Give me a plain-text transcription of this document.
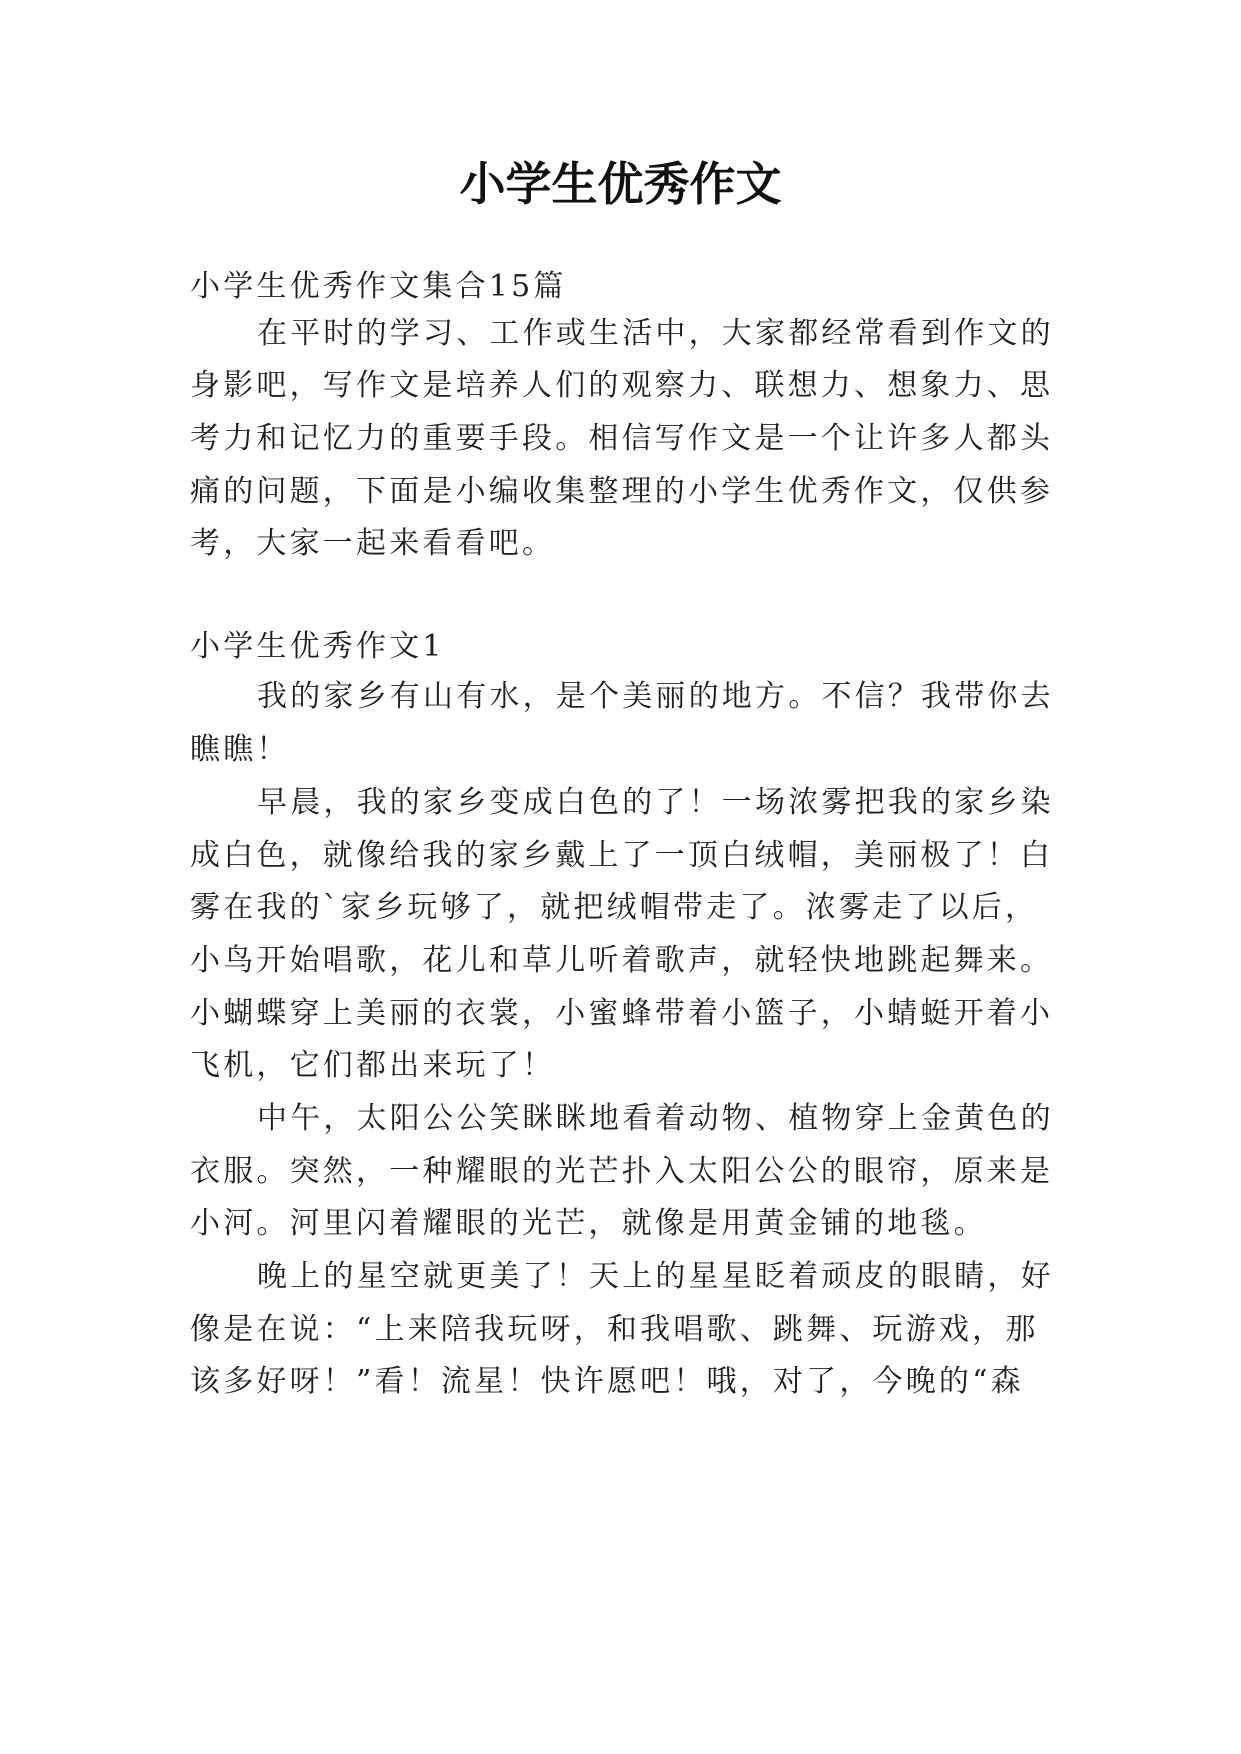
小学生优秀作文

小学生优秀作文集合15篇

在平时的学习、工作或生活中，大家都经常看到作文的

身影吧，写作文是培养人们的观察力、联想力、想象力、思

考力和记忆力的重要手段。相信写作文是一个让许多人都头

痛的问题，下面是小编收集整理的小学生优秀作文，仅供参

考，大家一起来看看吧。

小学生优秀作文1

我的家乡有山有水，是个美丽的地方。不信？我带你去

瞧瞧！

早晨，我的家乡变成白色的了！一场浓雾把我的家乡染

成白色，就像给我的家乡戴上了一顶白绒帽，美丽极了！白

雾在我的`家乡玩够了，就把绒帽带走了。浓雾走了以后，

小鸟开始唱歌，花儿和草儿听着歌声，就轻快地跳起舞来。

小蝴蝶穿上美丽的衣裳，小蜜蜂带着小篮子，小蜻蜓开着小

飞机，它们都出来玩了！

中午，太阳公公笑眯眯地看着动物、植物穿上金黄色的

衣服。突然，一种耀眼的光芒扑入太阳公公的眼帘，原来是

小河。河里闪着耀眼的光芒，就像是用黄金铺的地毯。

晚上的星空就更美了！天上的星星眨着顽皮的眼睛，好

像是在说：“上来陪我玩呀，和我唱歌、跳舞、玩游戏，那

该多好呀！”看！流星！快许愿吧！哦，对了，今晚的“森
